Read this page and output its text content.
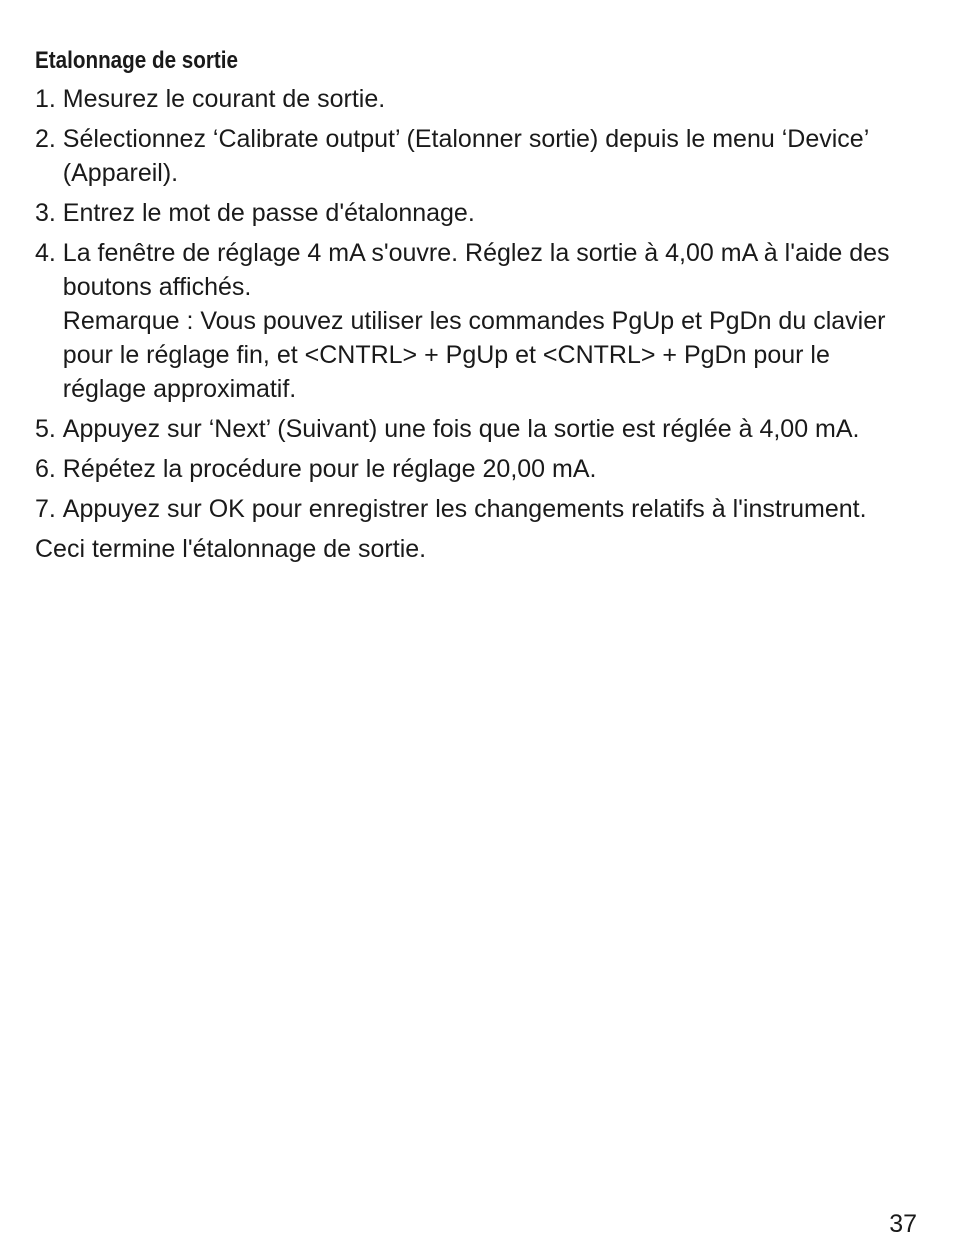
Etalonnage de sortie
1. Mesurez le courant de sortie.

2. Sélectionnez ‘Calibrate output’ (Etalonner sortie) depuis le menu ‘Device’ (Appareil).

3. Entrez le mot de passe d'étalonnage.

4. La fenêtre de réglage 4 mA s'ouvre. Réglez la sortie à 4,00 mA à l'aide des boutons affichés.

Remarque : Vous pouvez utiliser les commandes PgUp et PgDn du clavier pour le réglage fin, et <CNTRL> + PgUp et <CNTRL> + PgDn pour le réglage approximatif.

5. Appuyez sur ‘Next’ (Suivant) une fois que la sortie est réglée à 4,00 mA.

6. Répétez la procédure pour le réglage 20,00 mA.

7. Appuyez sur OK pour enregistrer les changements relatifs à l'instrument.

Ceci termine l'étalonnage de sortie.

37
